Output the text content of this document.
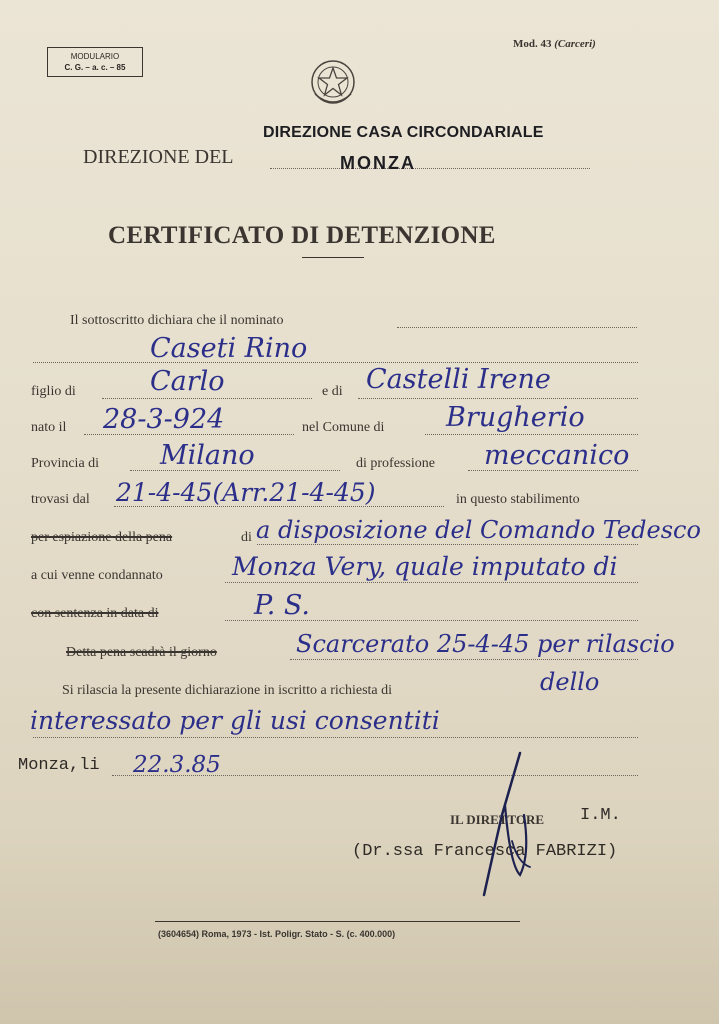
MODULARIO
C. G. – a. c. – 85
Mod. 43 (Carceri)
DIREZIONE DEL
DIREZIONE CASA CIRCONDARIALE
MONZA
CERTIFICATO DI DETENZIONE
Il sottoscritto dichiara che il nominato
Caseti Rino
figlio di	Carlo	e di Castelli Irene
nato il 28-3-924	nel Comune di Brugherio
Provincia di Milano	di professione meccanico
trovasi dal 21-4-45(Arr.21-4-45)	in questo stabilimento
per espiazione della pena	di a disposizione del Comando Tedesco
a cui venne condannato	Monza Very, quale imputato di
con sentenza in data di	P. S.
Detta pena scadrà il giorno	Scarcerato 25-4-45 per rilascio
Si rilascia la presente dichiarazione in iscritto a richiesta di	dello
interessato per gli usi consentiti
Monza,li 22.3.85
IL DIRETTORE I.M.
(Dr.ssa Francesca FABRIZI)
(3604654) Roma, 1973 - Ist. Poligr. Stato - S. (c. 400.000)
